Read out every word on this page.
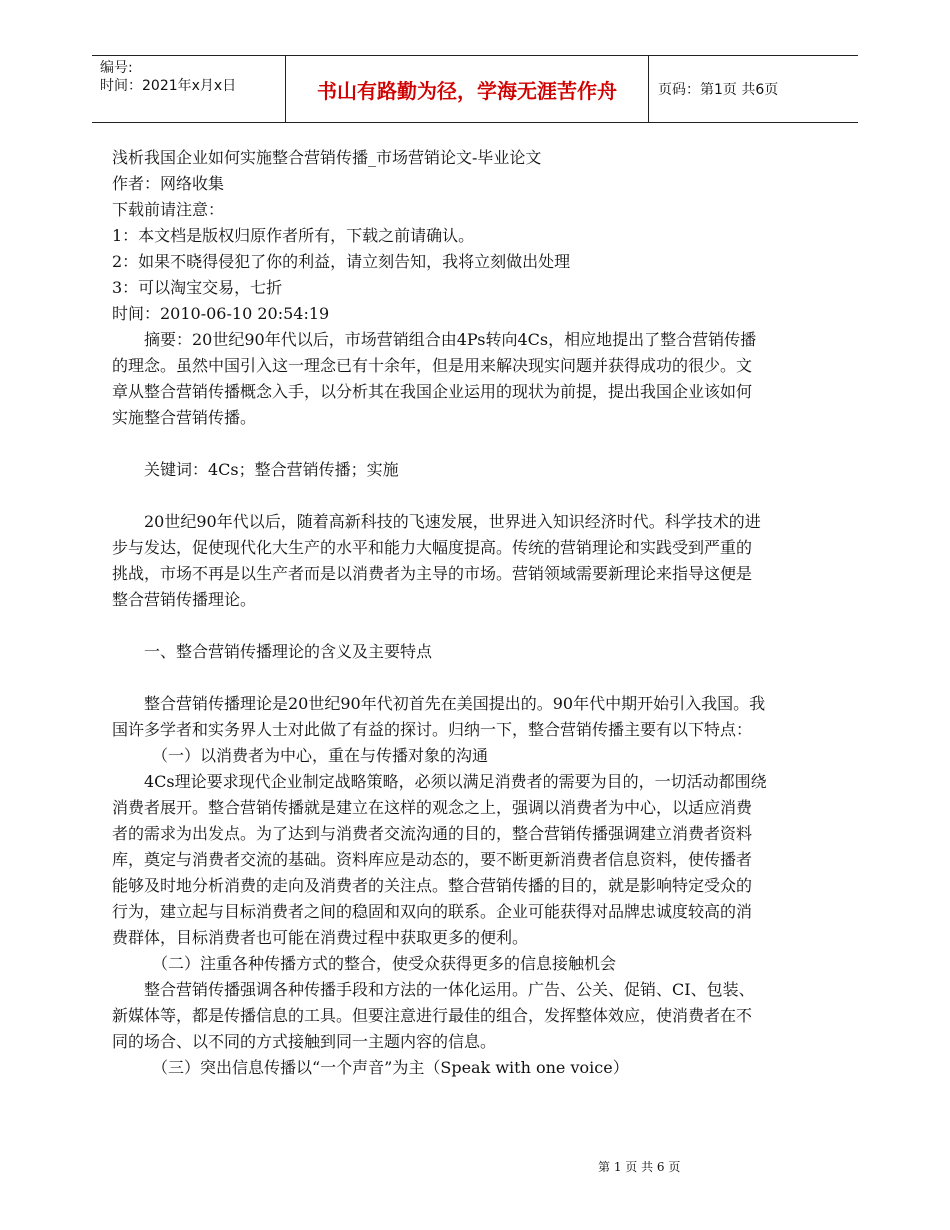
编号:
时间：2021年x月x日	书山有路勤为径，学海无涯苦作舟	页码：第1页 共6页

浅析我国企业如何实施整合营销传播_市场营销论文-毕业论文

作者：网络收集

下载前请注意：

1：本文档是版权归原作者所有，下载之前请确认。

2：如果不晓得侵犯了你的利益，请立刻告知，我将立刻做出处理

3：可以淘宝交易，七折

时间：2010-06-10 20:54:19

摘要：20世纪90年代以后，市场营销组合由4Ps转向4Cs，相应地提出了整合营销传播的理念。虽然中国引入这一理念已有十余年，但是用来解决现实问题并获得成功的很少。文章从整合营销传播概念入手，以分析其在我国企业运用的现状为前提，提出我国企业该如何实施整合营销传播。

关键词：4Cs；整合营销传播；实施

20世纪90年代以后，随着高新科技的飞速发展，世界进入知识经济时代。科学技术的进步与发达，促使现代化大生产的水平和能力大幅度提高。传统的营销理论和实践受到严重的挑战，市场不再是以生产者而是以消费者为主导的市场。营销领域需要新理论来指导这便是整合营销传播理论。

一、整合营销传播理论的含义及主要特点

整合营销传播理论是20世纪90年代初首先在美国提出的。90年代中期开始引入我国。我国许多学者和实务界人士对此做了有益的探讨。归纳一下，整合营销传播主要有以下特点：

（一）以消费者为中心，重在与传播对象的沟通

4Cs理论要求现代企业制定战略策略，必须以满足消费者的需要为目的，一切活动都围绕消费者展开。整合营销传播就是建立在这样的观念之上，强调以消费者为中心，以适应消费者的需求为出发点。为了达到与消费者交流沟通的目的，整合营销传播强调建立消费者资料库，奠定与消费者交流的基础。资料库应是动态的，要不断更新消费者信息资料，使传播者能够及时地分析消费的走向及消费者的关注点。整合营销传播的目的，就是影响特定受众的行为，建立起与目标消费者之间的稳固和双向的联系。企业可能获得对品牌忠诚度较高的消费群体，目标消费者也可能在消费过程中获取更多的便利。

（二）注重各种传播方式的整合，使受众获得更多的信息接触机会

整合营销传播强调各种传播手段和方法的一体化运用。广告、公关、促销、CI、包装、新媒体等，都是传播信息的工具。但要注意进行最佳的组合，发挥整体效应，使消费者在不同的场合、以不同的方式接触到同一主题内容的信息。

（三）突出信息传播以“一个声音”为主（Speak with one voice）

第 1 页 共 6 页
